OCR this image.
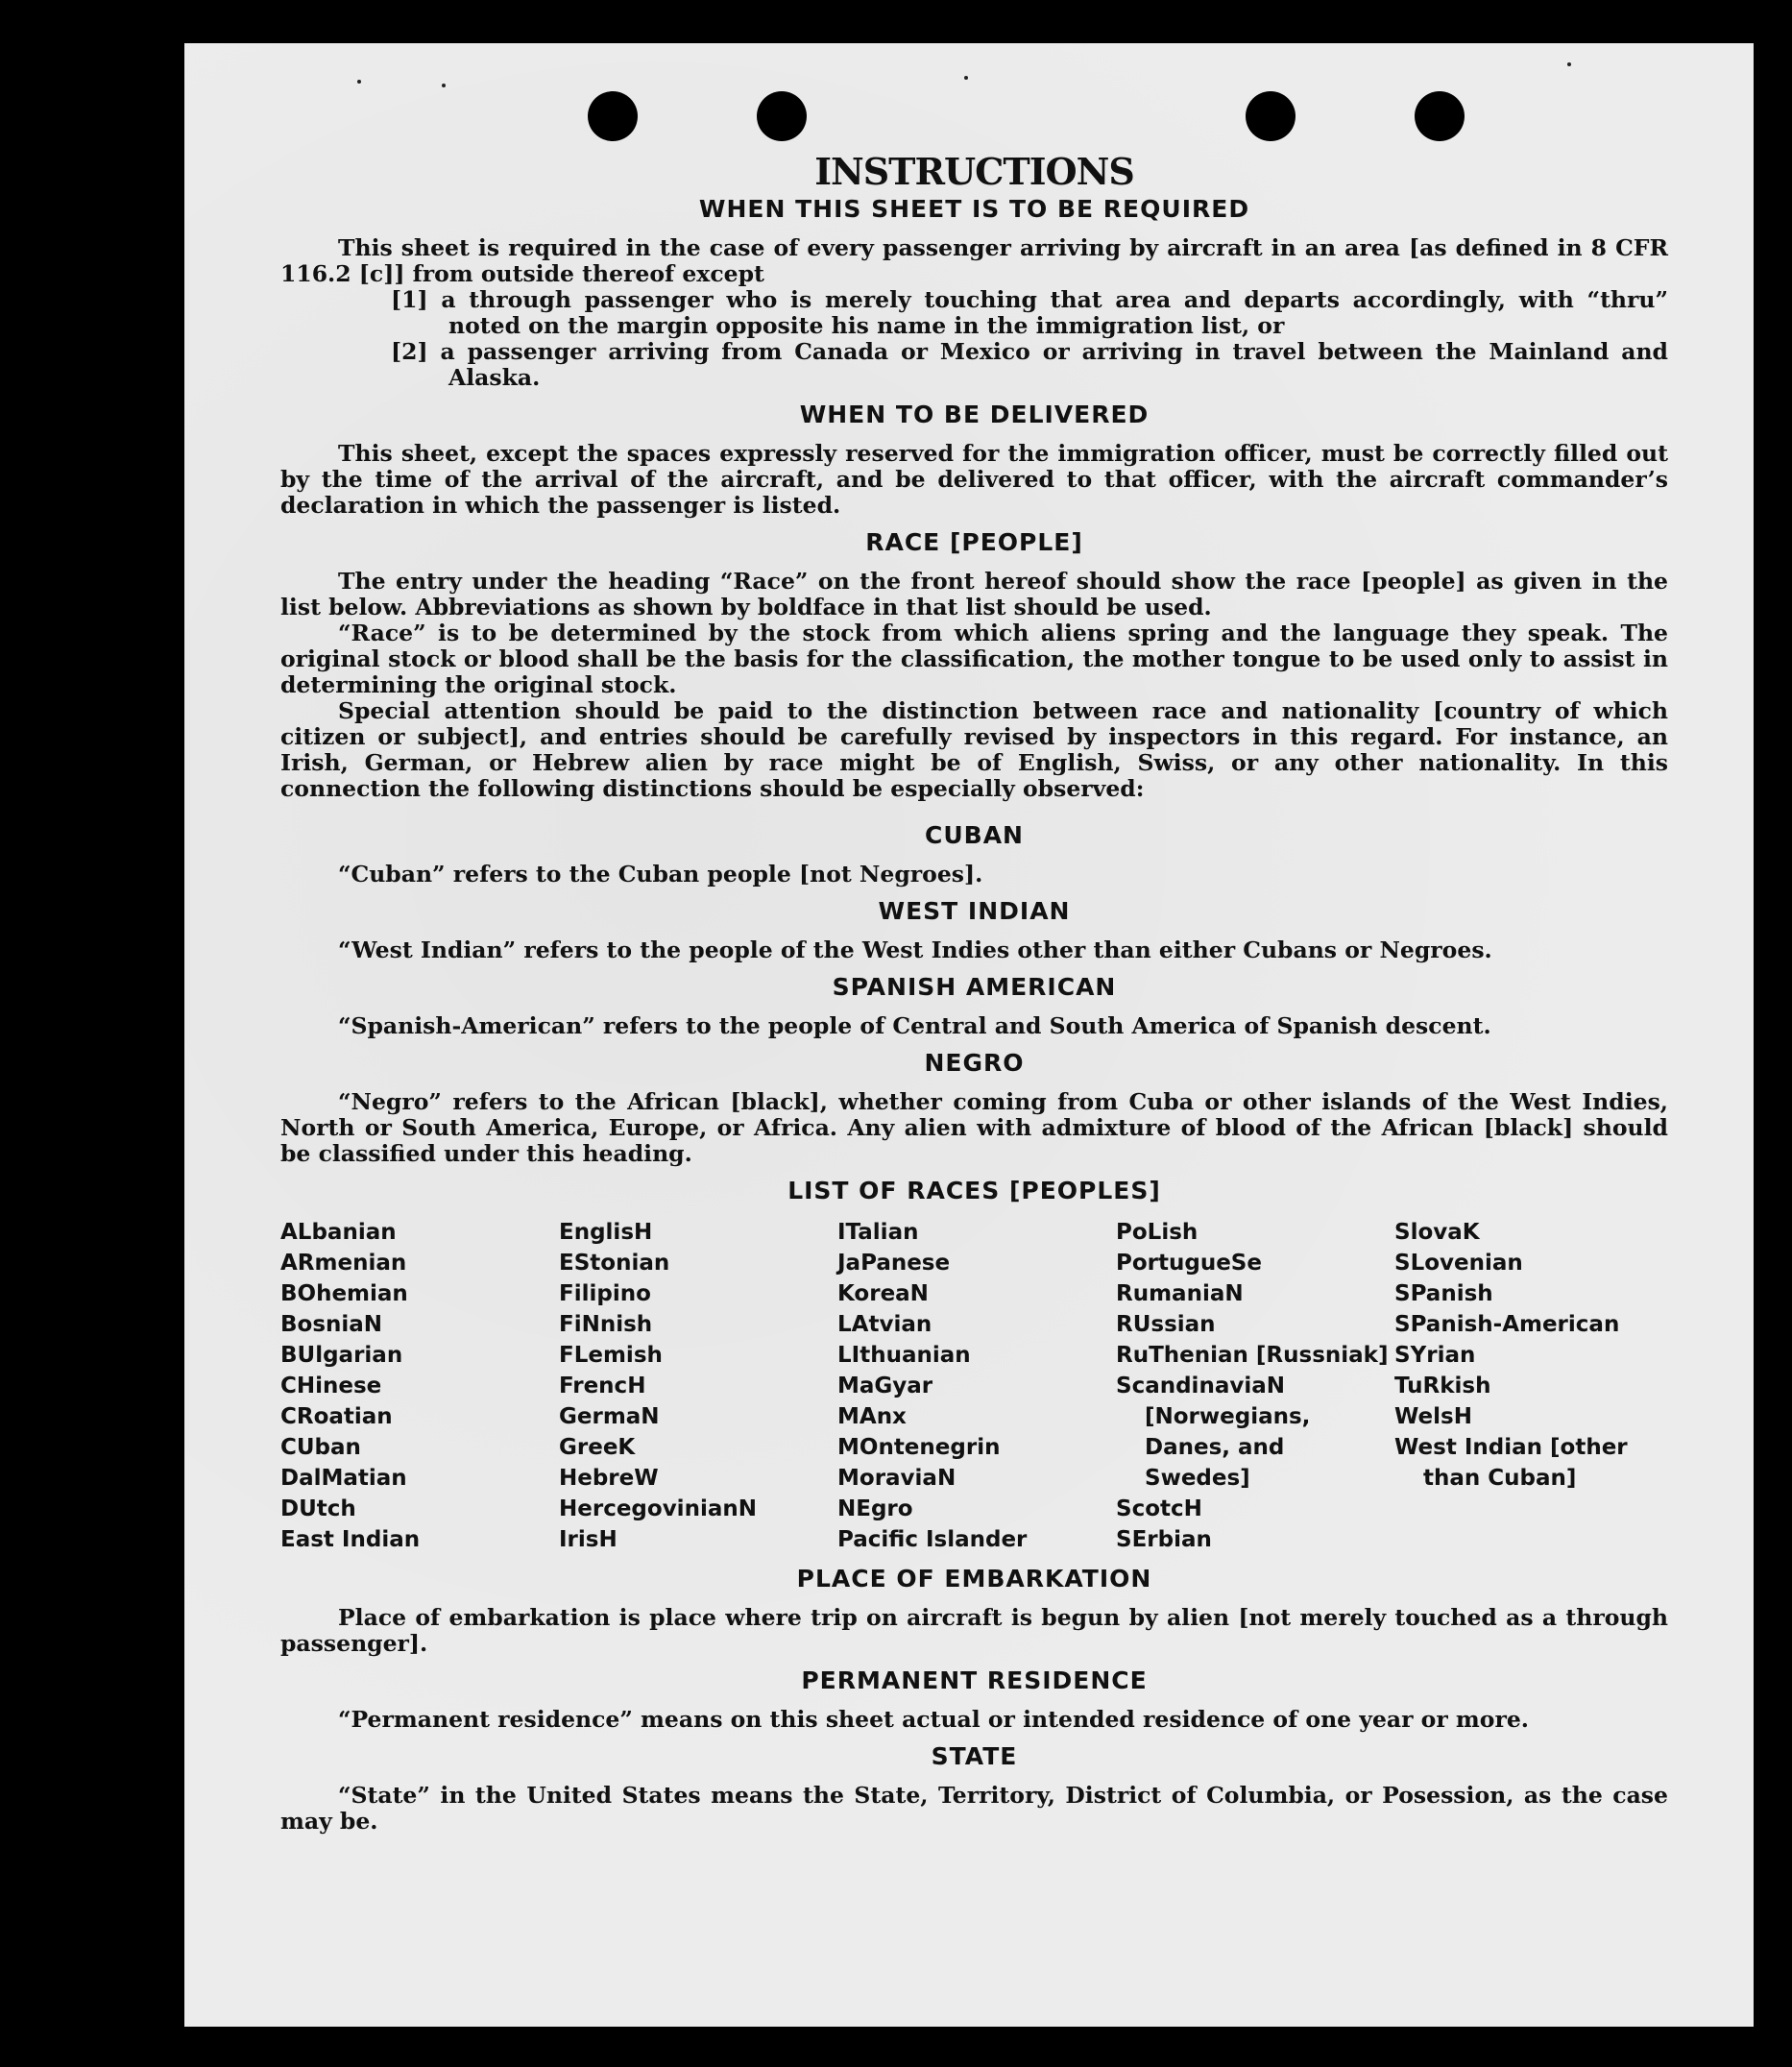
INSTRUCTIONS
WHEN THIS SHEET IS TO BE REQUIRED

This sheet is required in the case of every passenger arriving by aircraft in an area [as defined in 8 CFR 116.2 [c]] from outside thereof except

[1] a through passenger who is merely touching that area and departs accordingly, with “thru” noted on the margin opposite his name in the immigration list, or
[2] a passenger arriving from Canada or Mexico or arriving in travel between the Mainland and Alaska.
WHEN TO BE DELIVERED

This sheet, except the spaces expressly reserved for the immigration officer, must be correctly filled out by the time of the arrival of the aircraft, and be delivered to that officer, with the aircraft commander’s declaration in which the passenger is listed.

RACE [PEOPLE]

The entry under the heading “Race” on the front hereof should show the race [people] as given in the list below. Abbreviations as shown by boldface in that list should be used.

“Race” is to be determined by the stock from which aliens spring and the language they speak. The original stock or blood shall be the basis for the classification, the mother tongue to be used only to assist in determining the original stock.

Special attention should be paid to the distinction between race and nationality [country of which citizen or subject], and entries should be carefully revised by inspectors in this regard. For instance, an Irish, German, or Hebrew alien by race might be of English, Swiss, or any other nationality. In this connection the following distinctions should be especially observed:

CUBAN

“Cuban” refers to the Cuban people [not Negroes].

WEST INDIAN

“West Indian” refers to the people of the West Indies other than either Cubans or Negroes.

SPANISH AMERICAN

“Spanish-American” refers to the people of Central and South America of Spanish descent.

NEGRO

“Negro” refers to the African [black], whether coming from Cuba or other islands of the West Indies, North or South America, Europe, or Africa. Any alien with admixture of blood of the African [black] should be classified under this heading.

LIST OF RACES [PEOPLES]
ALbanian
ARmenian
BOhemian
BosniaN
BUlgarian
CHinese
CRoatian
CUban
DalMatian
DUtch
East Indian
EnglisH
EStonian
Filipino
FiNnish
FLemish
FrencH
GermaN
GreeK
HebreW
HercegovinianN
IrisH
ITalian
JaPanese
KoreaN
LAtvian
LIthuanian
MaGyar
MAnx
MOntenegrin
MoraviaN
NEgro
Pacific Islander
PoLish
PortugueSe
RumaniaN
RUssian
RuThenian [Russniak]
ScandinaviaN [Norwegians, Danes, and Swedes]
ScotcH
SErbian
SlovaK
SLovenian
SPanish
SPanish-American
SYrian
TuRkish
WelsH
West Indian [other than Cuban]
PLACE OF EMBARKATION

Place of embarkation is place where trip on aircraft is begun by alien [not merely touched as a through passenger].

PERMANENT RESIDENCE

“Permanent residence” means on this sheet actual or intended residence of one year or more.

STATE

“State” in the United States means the State, Territory, District of Columbia, or Posession, as the case may be.
